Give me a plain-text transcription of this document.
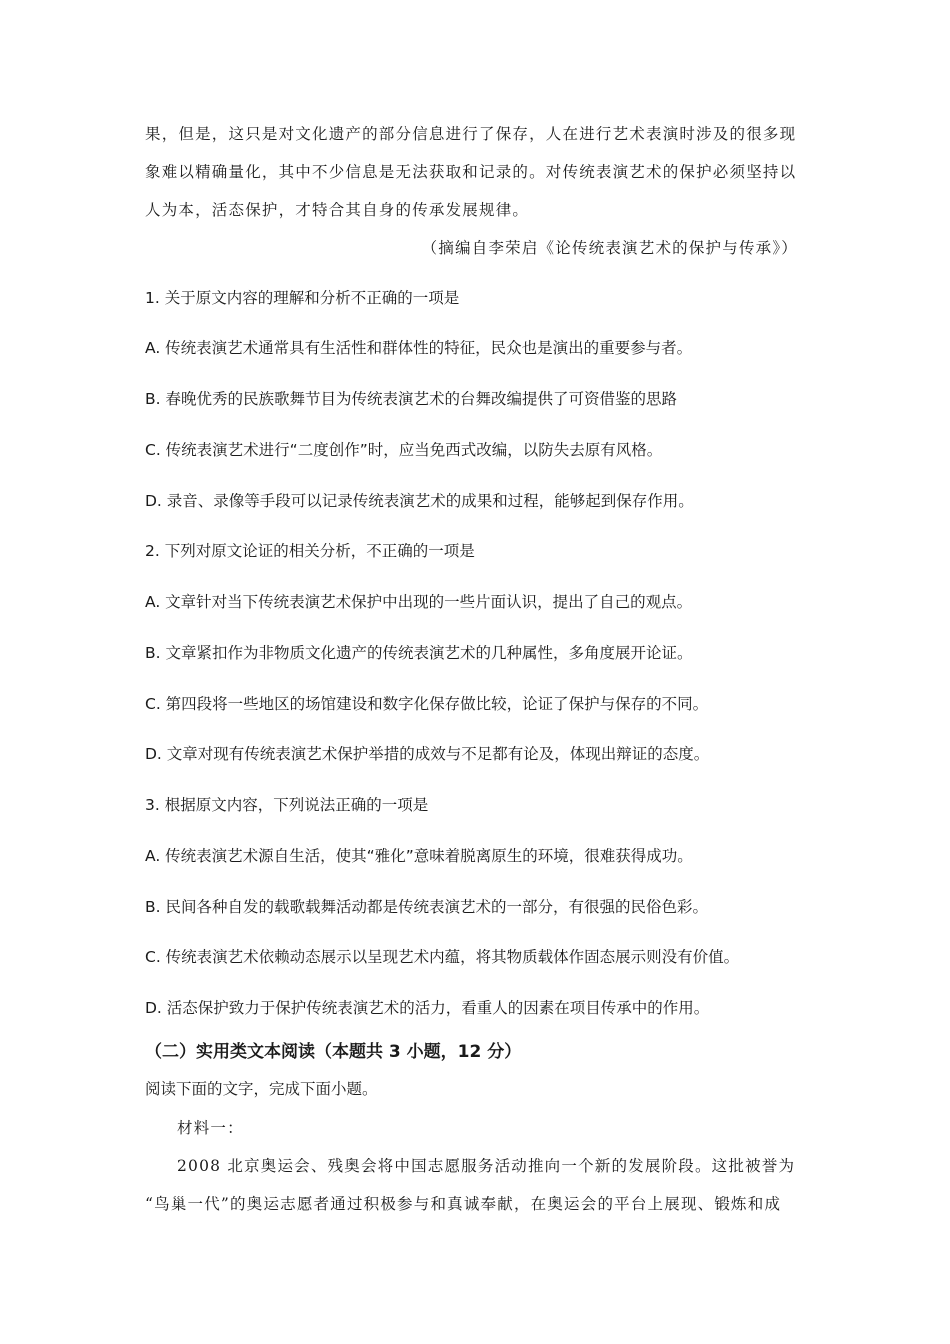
果，但是，这只是对文化遗产的部分信息进行了保存，人在进行艺术表演时涉及的很多现
象难以精确量化，其中不少信息是无法获取和记录的。对传统表演艺术的保护必须坚持以
人为本，活态保护，才特合其自身的传承发展规律。
（摘编自李荣启《论传统表演艺术的保护与传承》）
1. 关于原文内容的理解和分析不正确的一项是
A. 传统表演艺术通常具有生活性和群体性的特征，民众也是演出的重要参与者。
B. 春晚优秀的民族歌舞节目为传统表演艺术的台舞改编提供了可资借鉴的思路
C. 传统表演艺术进行“二度创作”时，应当免西式改编，以防失去原有风格。
D. 录音、录像等手段可以记录传统表演艺术的成果和过程，能够起到保存作用。
2. 下列对原文论证的相关分析，不正确的一项是
A. 文章针对当下传统表演艺术保护中出现的一些片面认识，提出了自己的观点。
B. 文章紧扣作为非物质文化遗产的传统表演艺术的几种属性，多角度展开论证。
C. 第四段将一些地区的场馆建设和数字化保存做比较，论证了保护与保存的不同。
D. 文章对现有传统表演艺术保护举措的成效与不足都有论及，体现出辩证的态度。
3. 根据原文内容，下列说法正确的一项是
A. 传统表演艺术源自生活，使其“雅化”意味着脱离原生的环境，很难获得成功。
B. 民间各种自发的载歌载舞活动都是传统表演艺术的一部分，有很强的民俗色彩。
C. 传统表演艺术依赖动态展示以呈现艺术内蕴，将其物质载体作固态展示则没有价值。
D. 活态保护致力于保护传统表演艺术的活力，看重人的因素在项目传承中的作用。
（二）实用类文本阅读（本题共 3 小题，12 分）
阅读下面的文字，完成下面小题。
材料一：
2008 北京奥运会、残奥会将中国志愿服务活动推向一个新的发展阶段。这批被誉为
“鸟巢一代”的奥运志愿者通过积极参与和真诚奉献，在奥运会的平台上展现、锻炼和成
